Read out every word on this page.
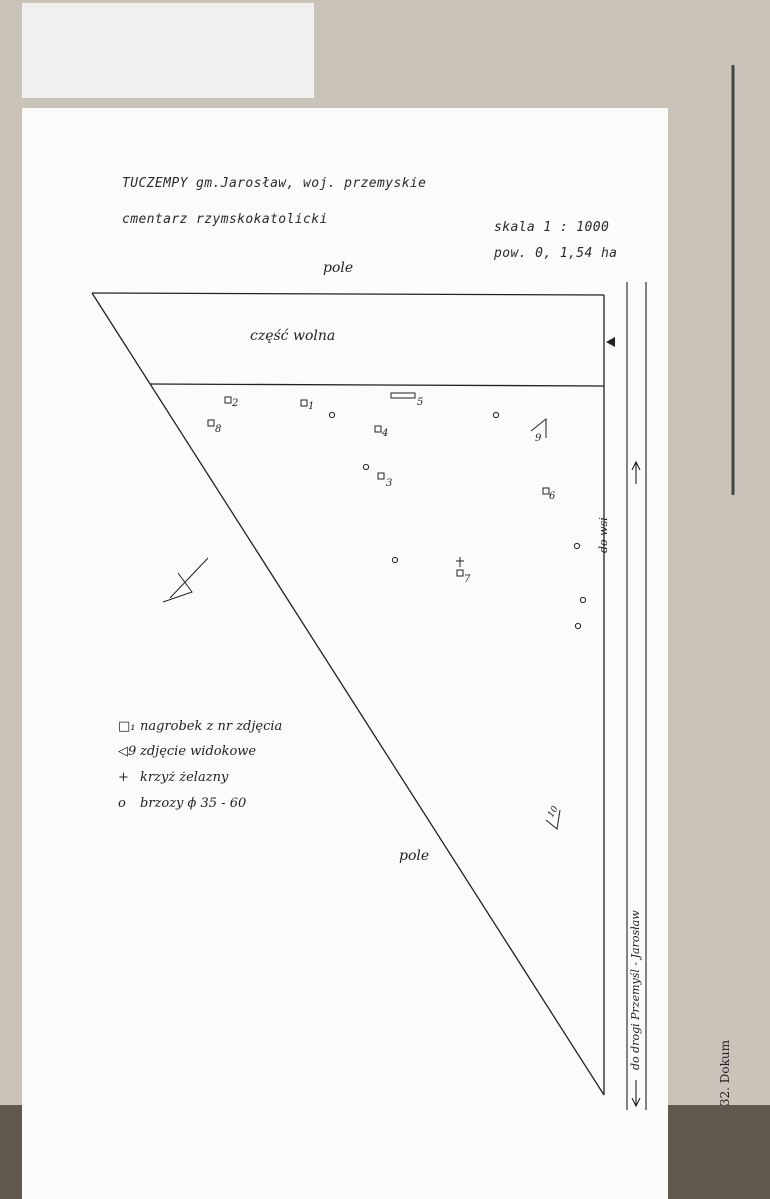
2	1	5
8	4
3
6
7
9
10
TUCZEMPY gm.Jarosław, woj. przemyskie
cmentarz rzymskokatolicki
skala 1 : 1000
pow. 0, 1,54 ha
pole
część wolna
pole
do wsi
do drogi Przemyśl - Jarosław
□₁ nagrobek z nr zdjęcia
◁9 zdjęcie widokowe
+ krzyż żelazny
o brzozy ϕ 35 - 60
32. Dokum
